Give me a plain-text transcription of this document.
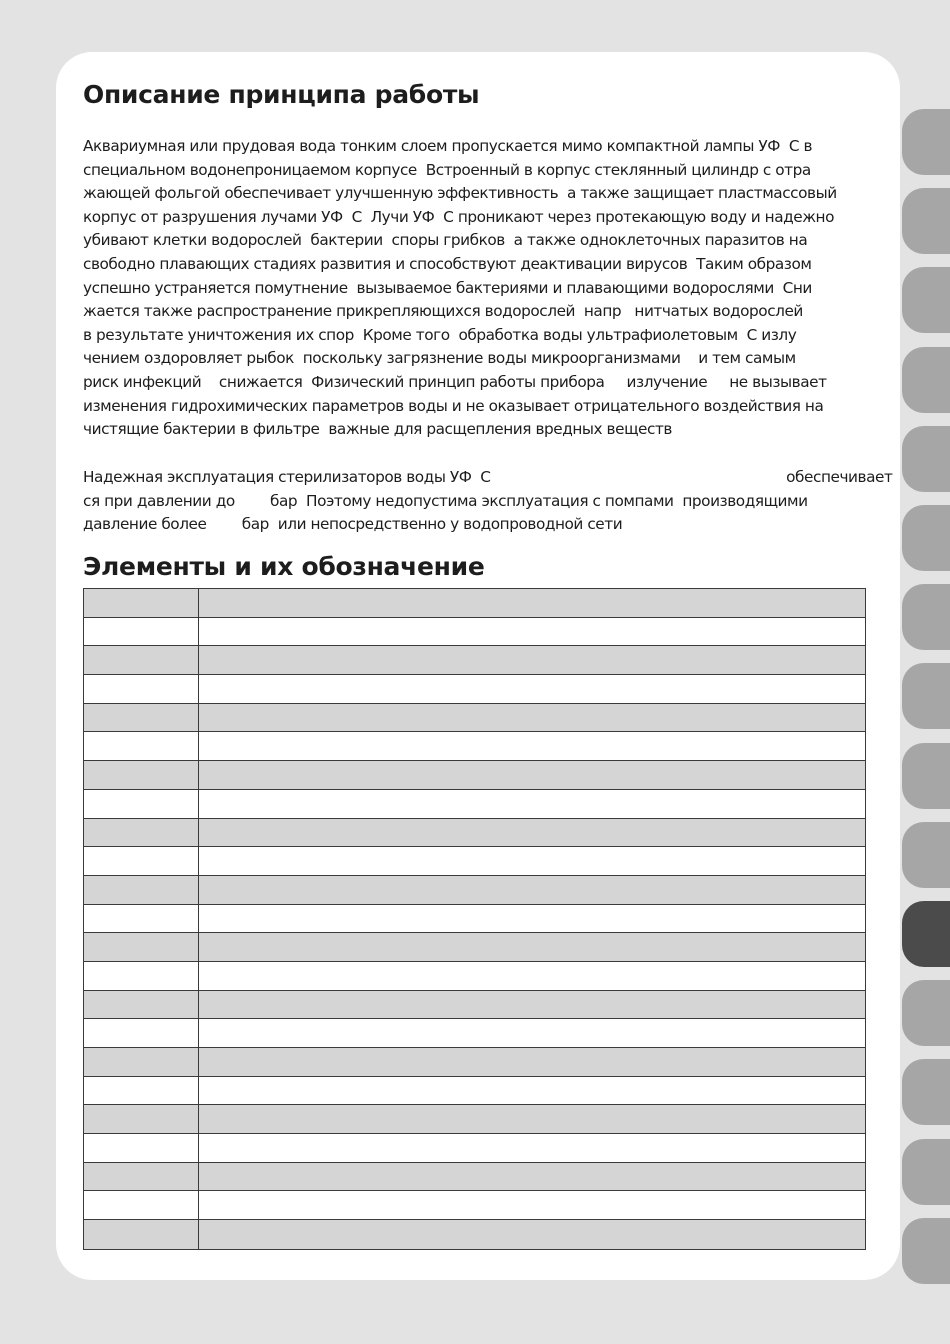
Описание принципа работы
Аквариумная или прудовая вода тонким слоем пропускается мимо компактной лампы УФ  С в
специальном водонепроницаемом корпусе  Встроенный в корпус стеклянный цилиндр с отра
жающей фольгой обеспечивает улучшенную эффективность  а также защищает пластмассовый
корпус от разрушения лучами УФ  С  Лучи УФ  С проникают через протекающую воду и надежно
убивают клетки водорослей  бактерии  споры грибков  а также одноклеточных паразитов на
свободно плавающих стадиях развития и способствуют деактивации вирусов  Таким образом
успешно устраняется помутнение  вызываемое бактериями и плавающими водорослями  Сни
жается также распространение прикрепляющихся водорослей  напр   нитчатых водорослей
в результате уничтожения их спор  Кроме того  обработка воды ультрафиолетовым  С излу
чением оздоровляет рыбок  поскольку загрязнение воды микроорганизмами    и тем самым
риск инфекций    снижается  Физический принцип работы прибора     излучение     не вызывает
изменения гидрохимических параметров воды и не оказывает отрицательного воздействия на
чистящие бактерии в фильтре  важные для расщепления вредных веществ
Надежная эксплуатация стерилизаторов воды УФ  С                                                                   обеспечивает
ся при давлении до        бар  Поэтому недопустима эксплуатация с помпами  производящими
давление более        бар  или непосредственно у водопроводной сети
Элементы и их обозначение
